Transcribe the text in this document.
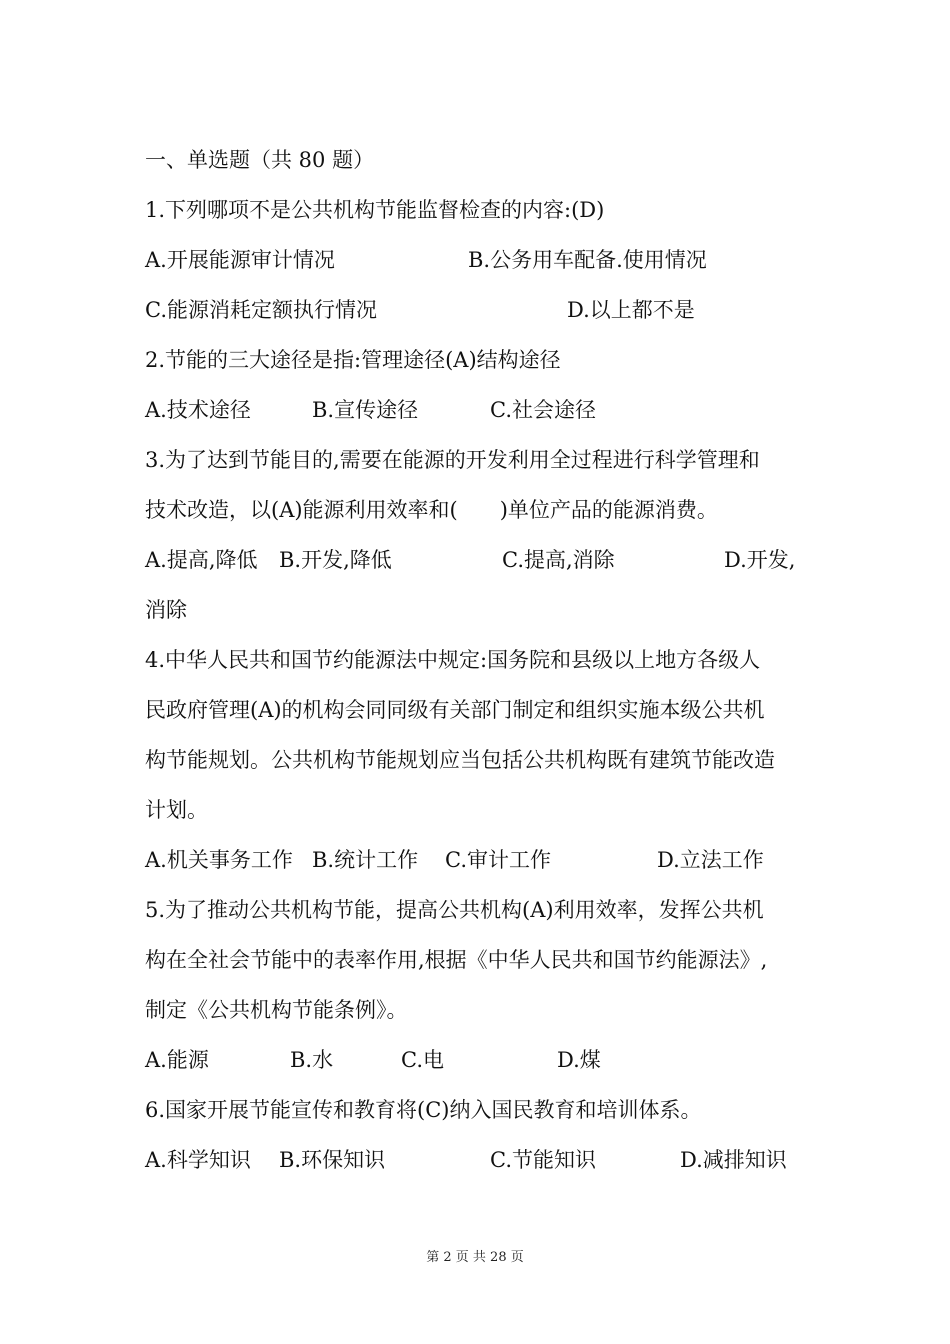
一、单选题（共 80 题）
1.下列哪项不是公共机构节能监督检查的内容:(D)
A.开展能源审计情况	B.公务用车配备.使用情况
C.能源消耗定额执行情况	D.以上都不是
2.节能的三大途径是指:管理途径(A)结构途径
A.技术途径	B.宣传途径	C.社会途径
3.为了达到节能目的,需要在能源的开发利用全过程进行科学管理和
技术改造，以(A)能源利用效率和(　　)单位产品的能源消费。
A.提高,降低 B.开发,降低	C.提高,消除	D.开发,
消除
4.中华人民共和国节约能源法中规定:国务院和县级以上地方各级人
民政府管理(A)的机构会同同级有关部门制定和组织实施本级公共机
构节能规划。公共机构节能规划应当包括公共机构既有建筑节能改造
计划。
A.机关事务工作 B.统计工作 C.审计工作	D.立法工作
5.为了推动公共机构节能，提高公共机构(A)利用效率，发挥公共机
构在全社会节能中的表率作用,根据《中华人民共和国节约能源法》,
制定《公共机构节能条例》。
A.能源	B.水	C.电	D.煤
6.国家开展节能宣传和教育将(C)纳入国民教育和培训体系。
A.科学知识 B.环保知识	C.节能知识	D.减排知识
第 2 页 共 28 页
